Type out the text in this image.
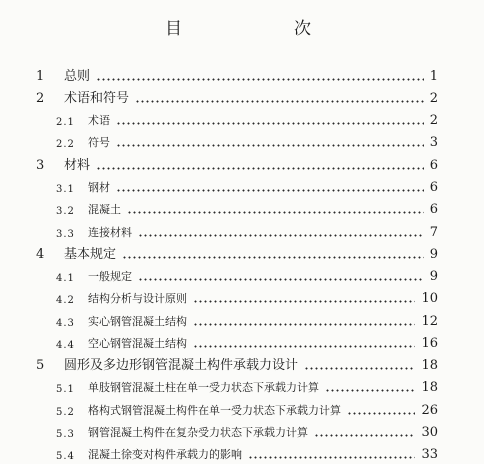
目　　次
1 总则	1
2 术语和符号	2
2.1 术语	2
2.2 符号	3
3 材料	6
3.1 钢材	6
3.2 混凝土	6
3.3 连接材料	7
4 基本规定	9
4.1 一般规定	9
4.2 结构分析与设计原则	10
4.3 实心钢管混凝土结构	12
4.4 空心钢管混凝土结构	16
5 圆形及多边形钢管混凝土构件承载力设计	18
5.1 单肢钢管混凝土柱在单一受力状态下承载力计算	18
5.2 格构式钢管混凝土构件在单一受力状态下承载力计算	26
5.3 钢管混凝土构件在复杂受力状态下承载力计算	30
5.4 混凝土徐变对构件承载力的影响	33
